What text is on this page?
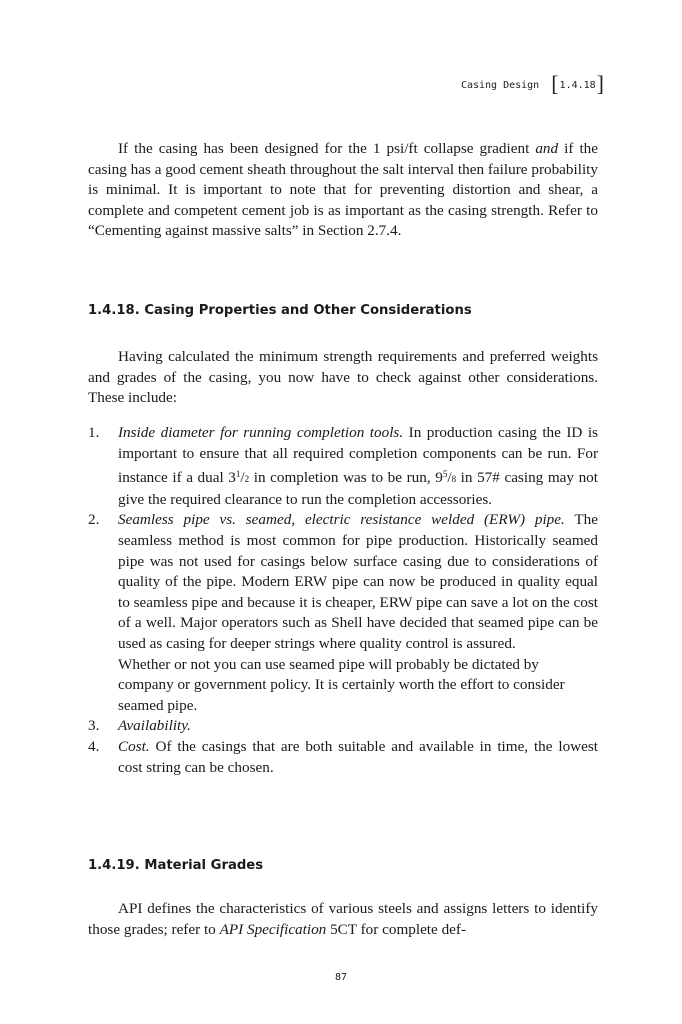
Casing Design [ 1.4.18 ]

If the casing has been designed for the 1 psi/ft collapse gradient and if the casing has a good cement sheath throughout the salt interval then failure probability is minimal. It is important to note that for preventing distortion and shear, a complete and competent cement job is as important as the casing strength. Refer to “Cementing against massive salts” in Section 2.7.4.

1.4.18. Casing Properties and Other Considerations

Having calculated the minimum strength requirements and preferred weights and grades of the casing, you now have to check against other considerations. These include:

1. Inside diameter for running completion tools. In production casing the ID is important to ensure that all required completion components can be run. For instance if a dual $3^1/2$ in completion was to be run, $9^5/8$ in 57# casing may not give the required clearance to run the completion accessories.
2. Seamless pipe vs. seamed, electric resistance welded (ERW) pipe. The seamless method is most common for pipe production. Historically seamed pipe was not used for casings below surface casing due to considerations of quality of the pipe. Modern ERW pipe can now be produced in quality equal to seamless pipe and because it is cheaper, ERW pipe can save a lot on the cost of a well. Major operators such as Shell have decided that seamed pipe can be used as casing for deeper strings where quality control is assured.
Whether or not you can use seamed pipe will probably be dictated by company or government policy. It is certainly worth the effort to consider seamed pipe.
3. Availability.
4. Cost. Of the casings that are both suitable and available in time, the lowest cost string can be chosen.
1.4.19. Material Grades

API defines the characteristics of various steels and assigns letters to identify those grades; refer to API Specification 5CT for complete def-

87
